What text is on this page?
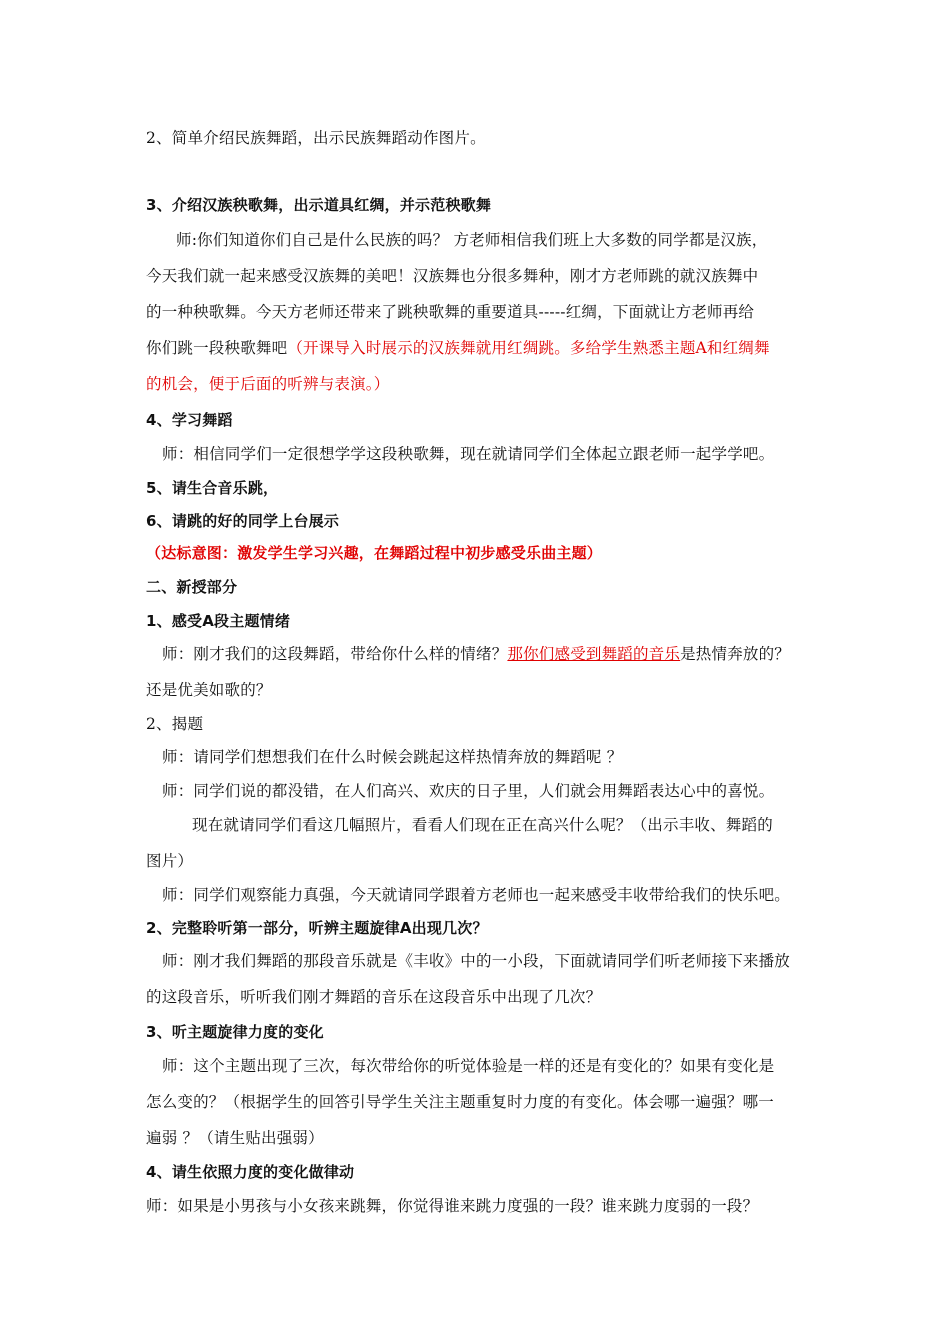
2、简单介绍民族舞蹈，出示民族舞蹈动作图片。
3、介绍汉族秧歌舞，出示道具红绸，并示范秧歌舞
师:你们知道你们自己是什么民族的吗？ 方老师相信我们班上大多数的同学都是汉族，
今天我们就一起来感受汉族舞的美吧！汉族舞也分很多舞种，刚才方老师跳的就汉族舞中
的一种秧歌舞。今天方老师还带来了跳秧歌舞的重要道具-----红绸，下面就让方老师再给
你们跳一段秧歌舞吧（开课导入时展示的汉族舞就用红绸跳。多给学生熟悉主题A和红绸舞
的机会，便于后面的听辨与表演。）
4、学习舞蹈
师：相信同学们一定很想学学这段秧歌舞，现在就请同学们全体起立跟老师一起学学吧。
5、请生合音乐跳，
6、请跳的好的同学上台展示
（达标意图：激发学生学习兴趣，在舞蹈过程中初步感受乐曲主题）
二、新授部分
1、感受A段主题情绪
师：刚才我们的这段舞蹈，带给你什么样的情绪？那你们感受到舞蹈的音乐是热情奔放的？
还是优美如歌的？
2、揭题
师：请同学们想想我们在什么时候会跳起这样热情奔放的舞蹈呢 ？
师：同学们说的都没错，在人们高兴、欢庆的日子里，人们就会用舞蹈表达心中的喜悦。
现在就请同学们看这几幅照片，看看人们现在正在高兴什么呢？（出示丰收、舞蹈的
图片）
师：同学们观察能力真强，今天就请同学跟着方老师也一起来感受丰收带给我们的快乐吧。
2、完整聆听第一部分，听辨主题旋律A出现几次？
师：刚才我们舞蹈的那段音乐就是《丰收》中的一小段，下面就请同学们听老师接下来播放
的这段音乐，听听我们刚才舞蹈的音乐在这段音乐中出现了几次？
3、听主题旋律力度的变化
师：这个主题出现了三次，每次带给你的听觉体验是一样的还是有变化的？如果有变化是
怎么变的？（根据学生的回答引导学生关注主题重复时力度的有变化。体会哪一遍强？哪一
遍弱 ？（请生贴出强弱）
4、请生依照力度的变化做律动
师：如果是小男孩与小女孩来跳舞，你觉得谁来跳力度强的一段？谁来跳力度弱的一段？
